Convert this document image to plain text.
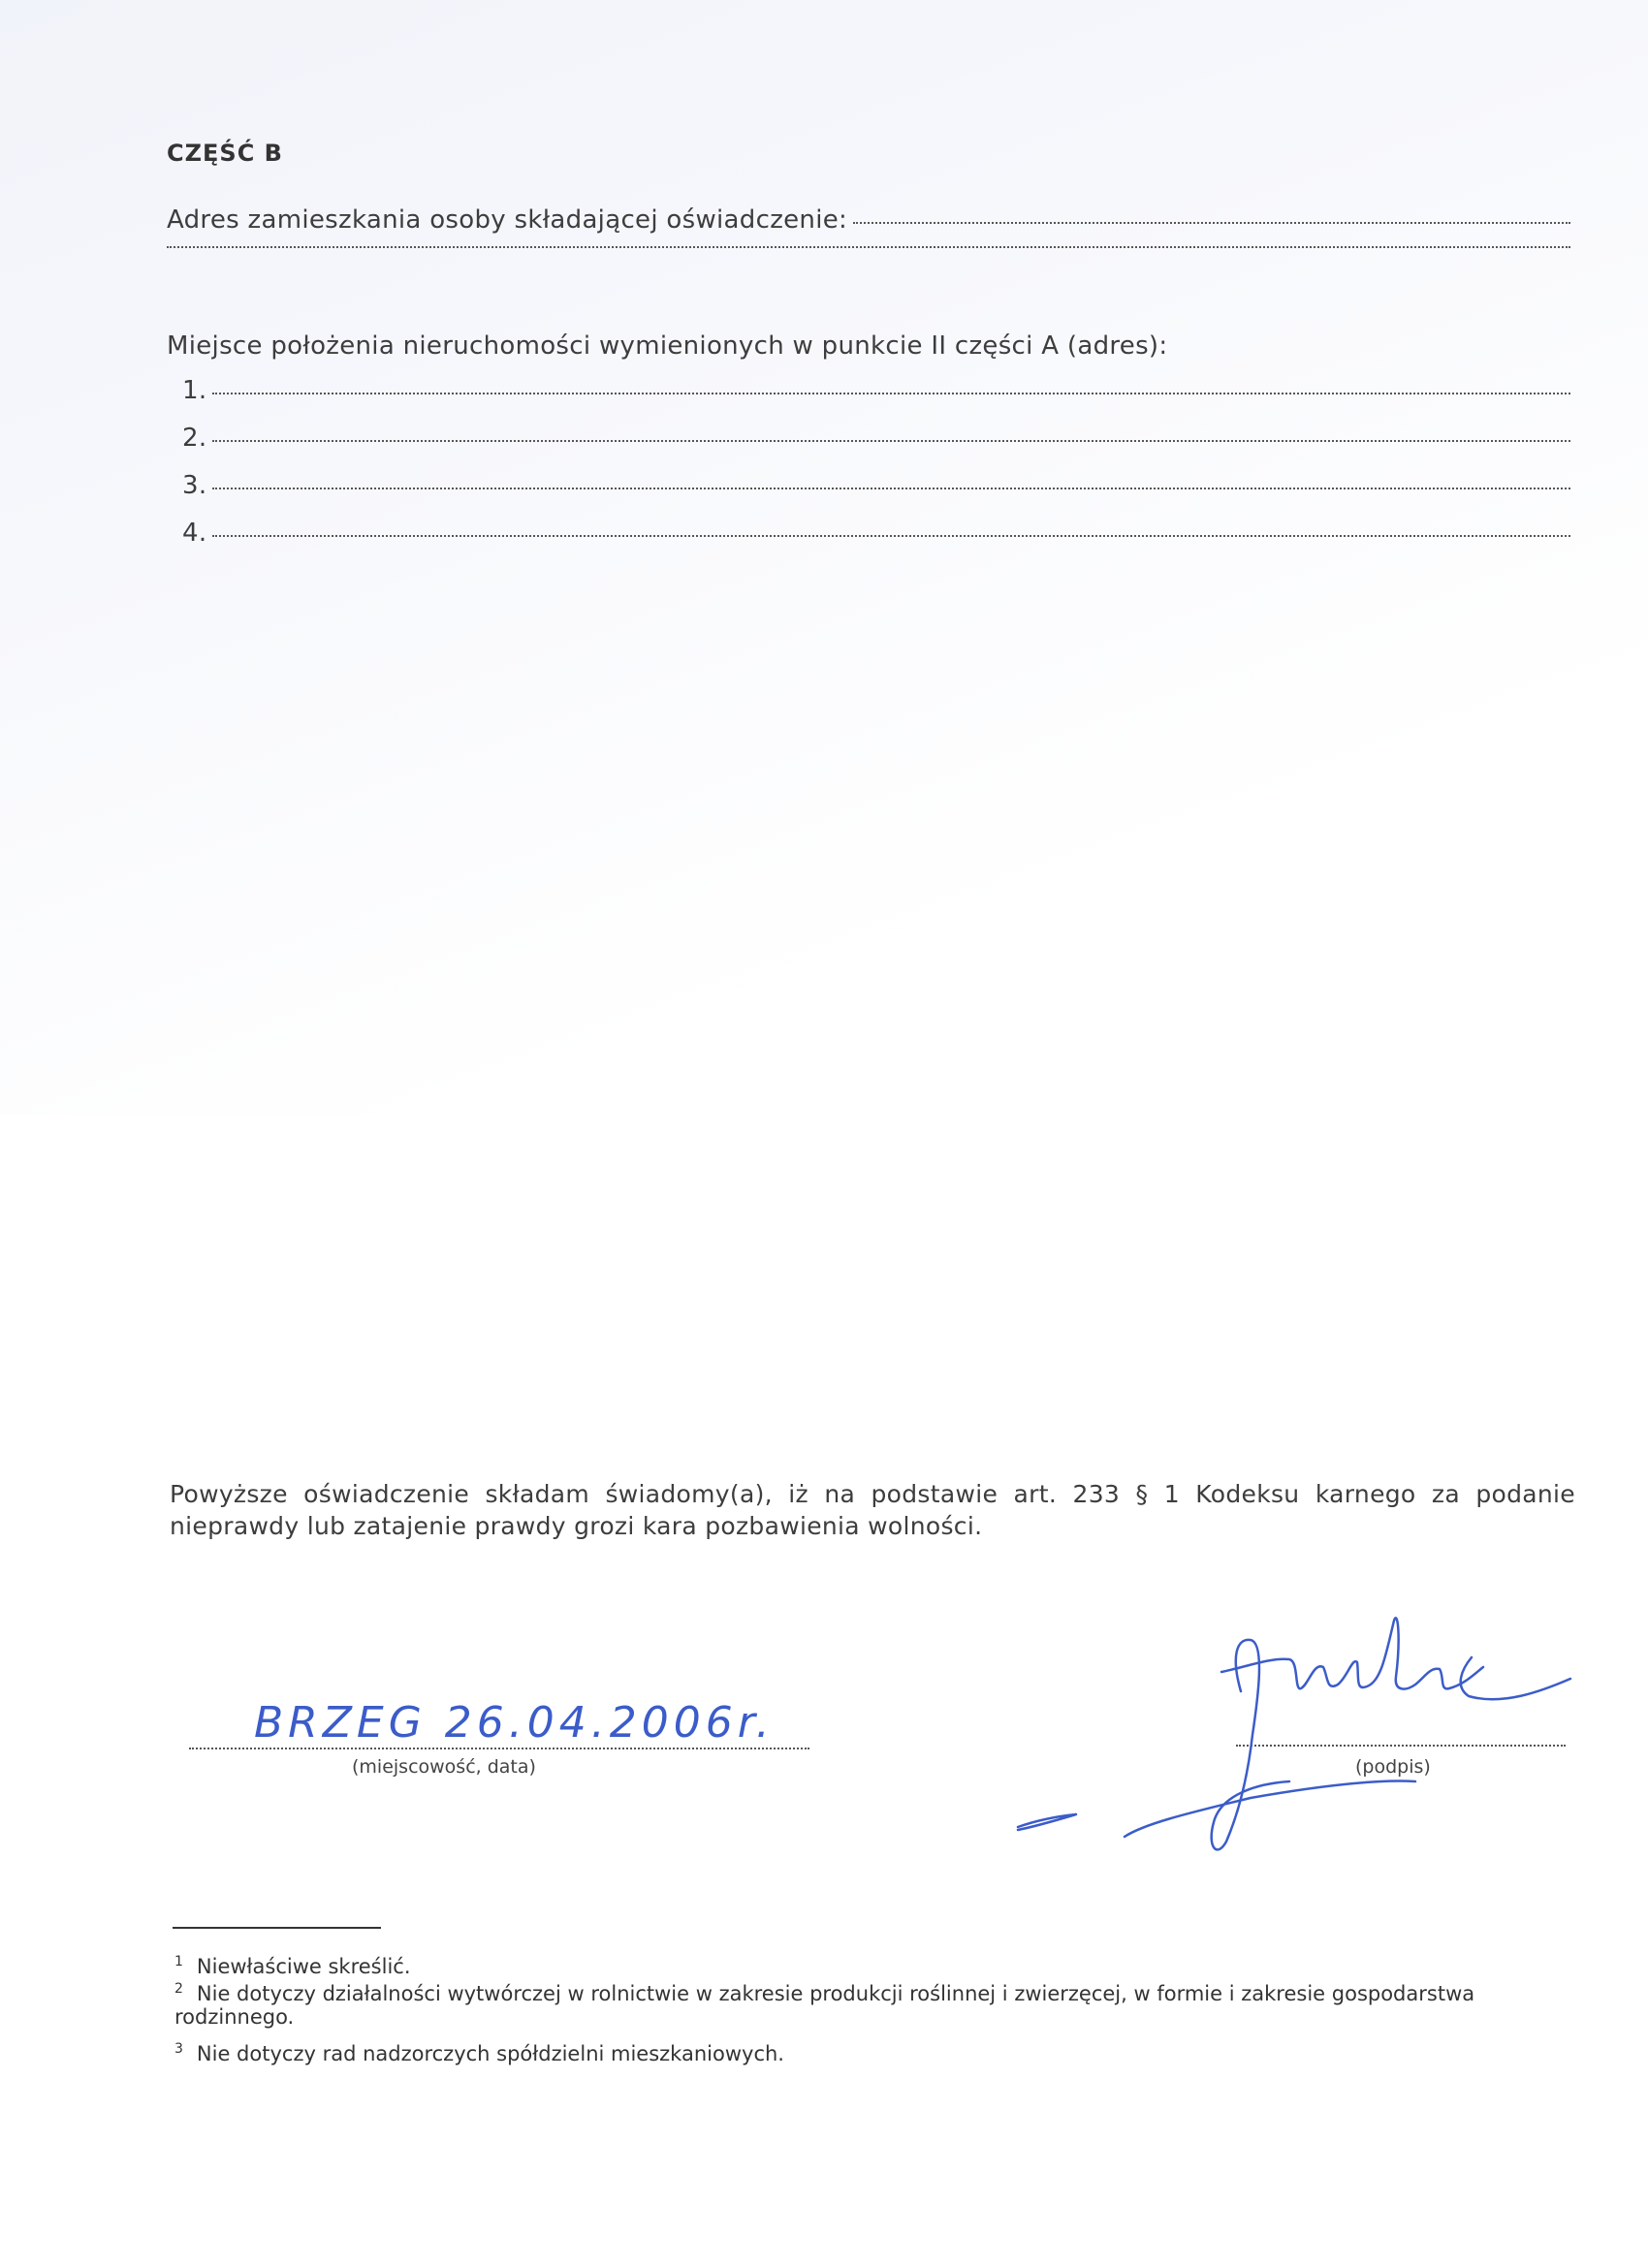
CZĘŚĆ B
Adres zamieszkania osoby składającej oświadczenie:
Miejsce położenia nieruchomości wymienionych w punkcie II części A (adres):
1.
2.
3.
4.
Powyższe oświadczenie składam świadomy(a), iż na podstawie art. 233 § 1 Kodeksu karnego za podanie nieprawdy lub zatajenie prawdy grozi kara pozbawienia wolności.
BRZEG 26.04.2006r.
(miejscowość, data)	(podpis)
$^1$ Niewłaściwe skreślić.
$^2$ Nie dotyczy działalności wytwórczej w rolnictwie w zakresie produkcji roślinnej i zwierzęcej, w formie i zakresie gospodarstwa rodzinnego.
$^3$ Nie dotyczy rad nadzorczych spółdzielni mieszkaniowych.
